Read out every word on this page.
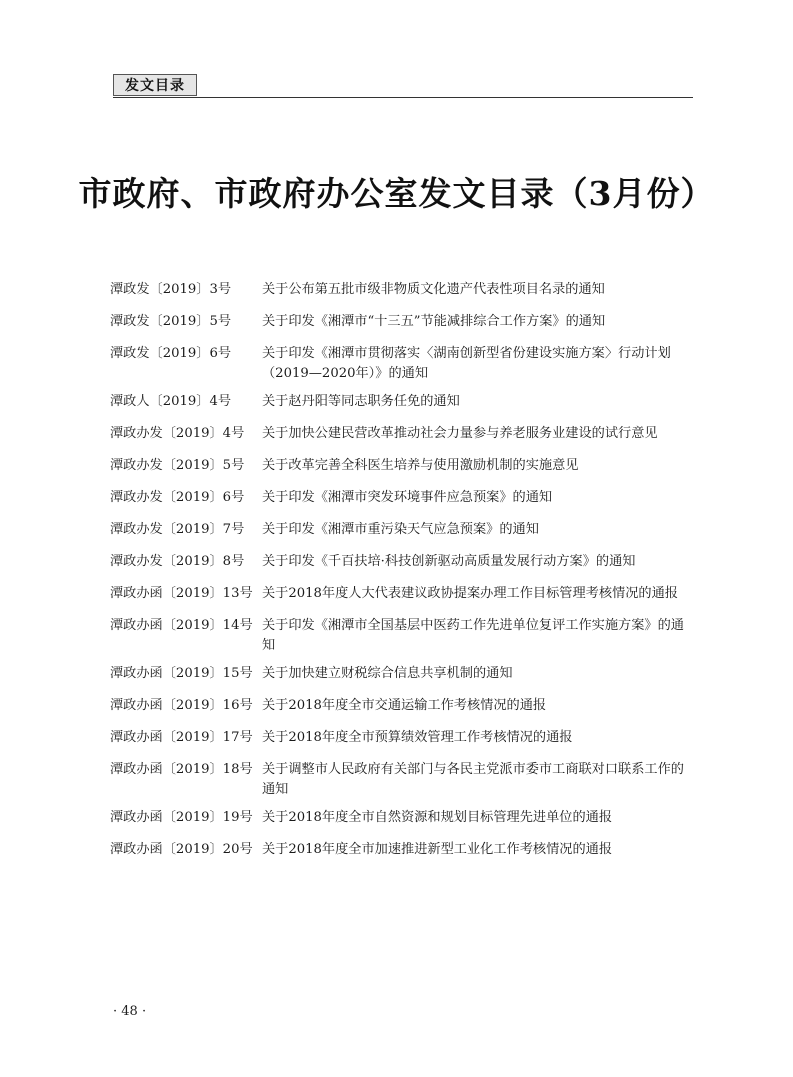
发文目录
市政府、市政府办公室发文目录（3月份）
潭政发〔2019〕3号	关于公布第五批市级非物质文化遗产代表性项目名录的通知
潭政发〔2019〕5号	关于印发《湘潭市“十三五”节能减排综合工作方案》的通知
潭政发〔2019〕6号	关于印发《湘潭市贯彻落实〈湖南创新型省份建设实施方案〉行动计划（2019—2020年）》的通知
潭政人〔2019〕4号	关于赵丹阳等同志职务任免的通知
潭政办发〔2019〕4号	关于加快公建民营改革推动社会力量参与养老服务业建设的试行意见
潭政办发〔2019〕5号	关于改革完善全科医生培养与使用激励机制的实施意见
潭政办发〔2019〕6号	关于印发《湘潭市突发环境事件应急预案》的通知
潭政办发〔2019〕7号	关于印发《湘潭市重污染天气应急预案》的通知
潭政办发〔2019〕8号	关于印发《千百扶培·科技创新驱动高质量发展行动方案》的通知
潭政办函〔2019〕13号 关于2018年度人大代表建议政协提案办理工作目标管理考核情况的通报
潭政办函〔2019〕14号 关于印发《湘潭市全国基层中医药工作先进单位复评工作实施方案》的通知
潭政办函〔2019〕15号 关于加快建立财税综合信息共享机制的通知
潭政办函〔2019〕16号 关于2018年度全市交通运输工作考核情况的通报
潭政办函〔2019〕17号 关于2018年度全市预算绩效管理工作考核情况的通报
潭政办函〔2019〕18号 关于调整市人民政府有关部门与各民主党派市委市工商联对口联系工作的通知
潭政办函〔2019〕19号 关于2018年度全市自然资源和规划目标管理先进单位的通报
潭政办函〔2019〕20号 关于2018年度全市加速推进新型工业化工作考核情况的通报
· 48 ·
